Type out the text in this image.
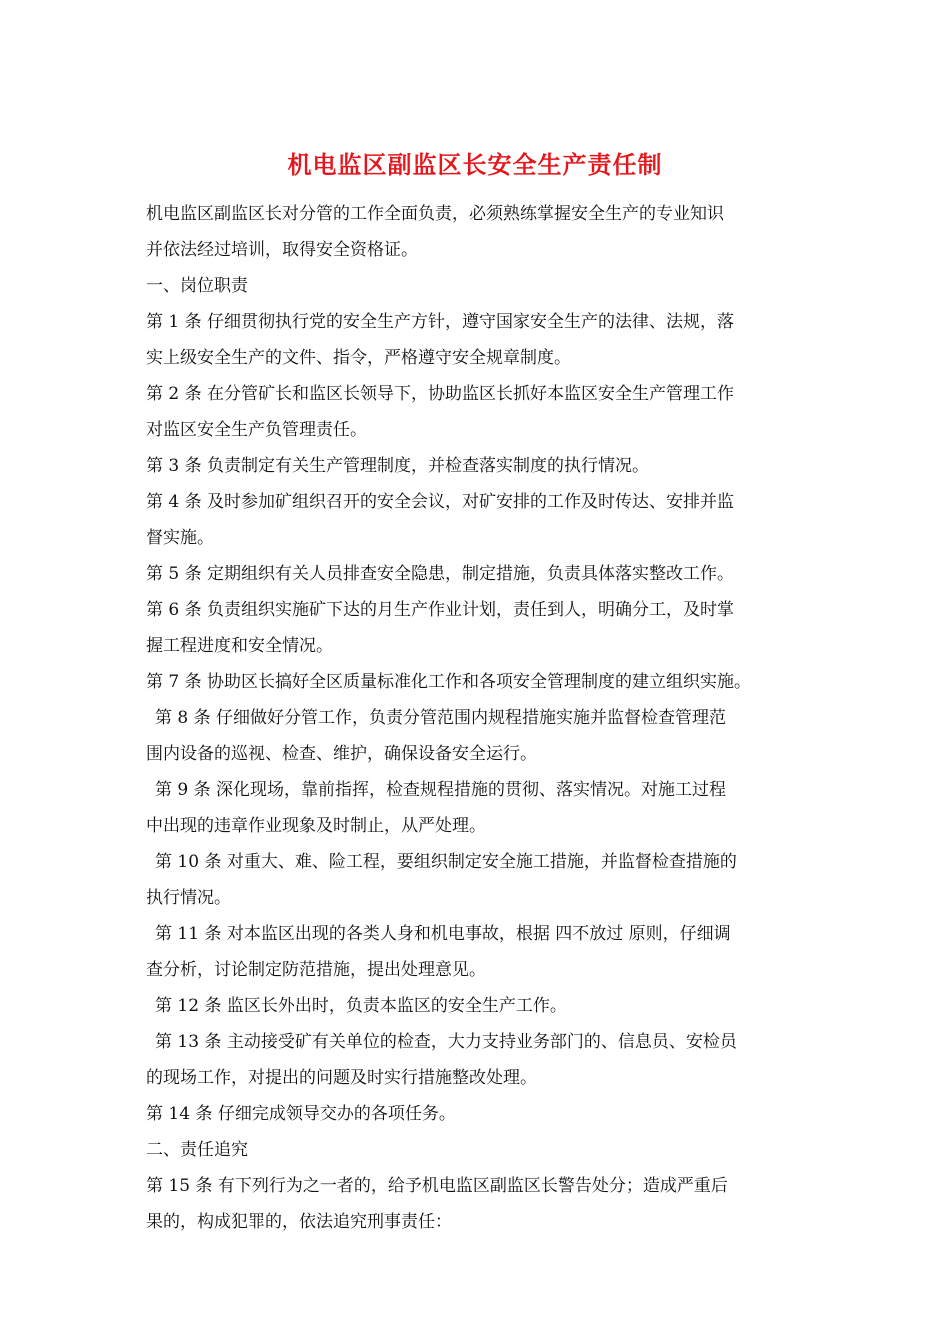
机电监区副监区长安全生产责任制
机电监区副监区长对分管的工作全面负责，必须熟练掌握安全生产的专业知识
并依法经过培训，取得安全资格证。
一、岗位职责
第 1 条 仔细贯彻执行党的安全生产方针，遵守国家安全生产的法律、法规，落
实上级安全生产的文件、指令，严格遵守安全规章制度。
第 2 条 在分管矿长和监区长领导下，协助监区长抓好本监区安全生产管理工作
对监区安全生产负管理责任。
第 3 条 负责制定有关生产管理制度，并检查落实制度的执行情况。
第 4 条 及时参加矿组织召开的安全会议，对矿安排的工作及时传达、安排并监
督实施。
第 5 条 定期组织有关人员排查安全隐患，制定措施，负责具体落实整改工作。
第 6 条 负责组织实施矿下达的月生产作业计划，责任到人，明确分工，及时掌
握工程进度和安全情况。
第 7 条 协助区长搞好全区质量标准化工作和各项安全管理制度的建立组织实施。
第 8 条 仔细做好分管工作，负责分管范围内规程措施实施并监督检查管理范
围内设备的巡视、检查、维护，确保设备安全运行。
第 9 条 深化现场，靠前指挥，检查规程措施的贯彻、落实情况。对施工过程
中出现的违章作业现象及时制止，从严处理。
第 10 条 对重大、难、险工程，要组织制定安全施工措施，并监督检查措施的
执行情况。
第 11 条 对本监区出现的各类人身和机电事故，根据 四不放过 原则，仔细调
查分析，讨论制定防范措施，提出处理意见。
第 12 条 监区长外出时，负责本监区的安全生产工作。
第 13 条 主动接受矿有关单位的检查，大力支持业务部门的、信息员、安检员
的现场工作，对提出的问题及时实行措施整改处理。
第 14 条 仔细完成领导交办的各项任务。
二、责任追究
第 15 条 有下列行为之一者的，给予机电监区副监区长警告处分；造成严重后
果的，构成犯罪的，依法追究刑事责任：
